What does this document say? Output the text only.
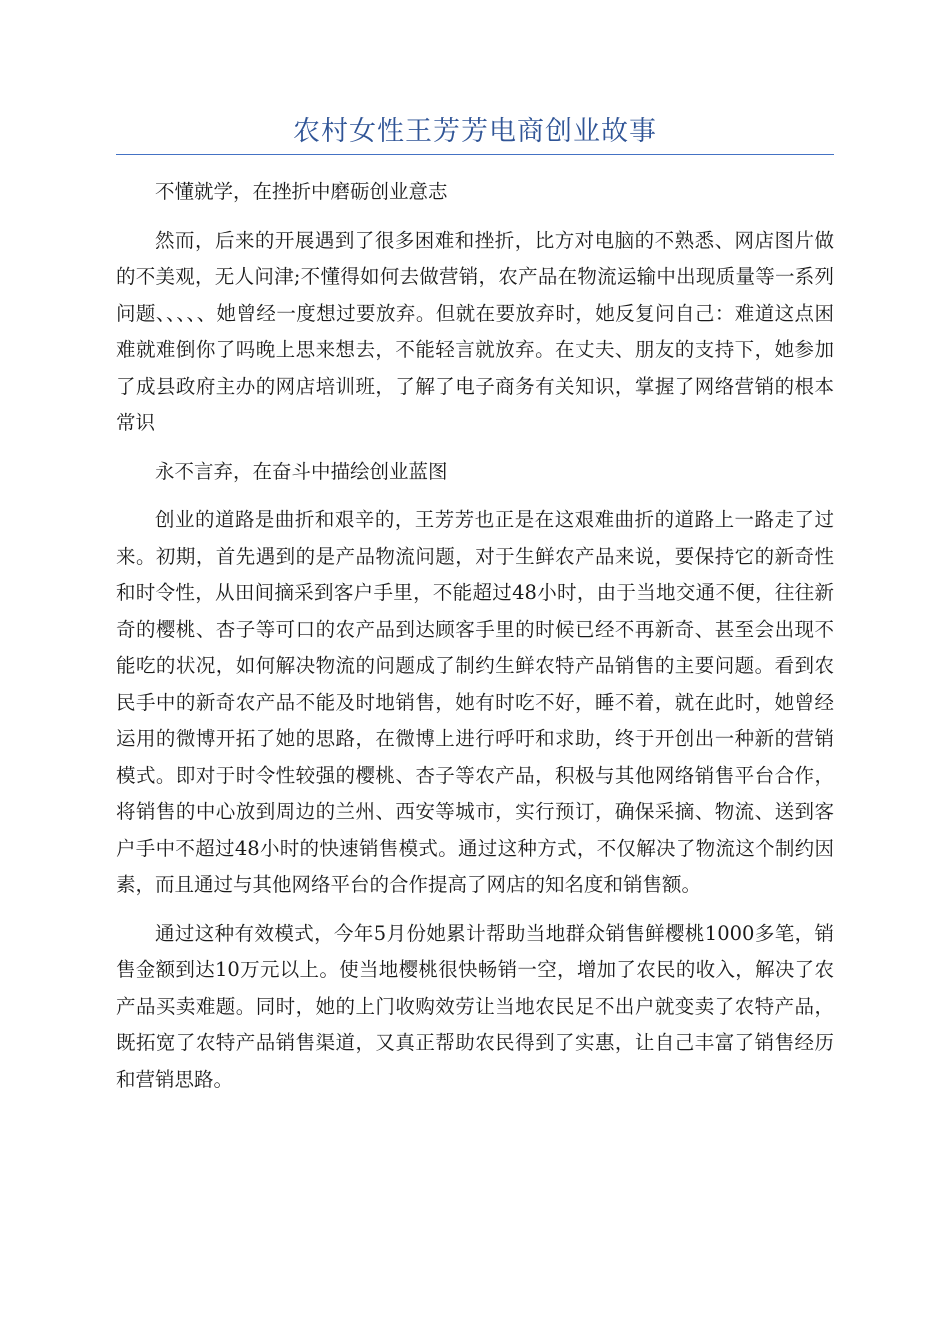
农村女性王芳芳电商创业故事

不懂就学，在挫折中磨砺创业意志

然而，后来的开展遇到了很多困难和挫折，比方对电脑的不熟悉、网店图片做的不美观，无人问津;不懂得如何去做营销，农产品在物流运输中出现质量等一系列问题、、、、、她曾经一度想过要放弃。但就在要放弃时，她反复问自己：难道这点困难就难倒你了吗晚上思来想去，不能轻言就放弃。在丈夫、朋友的支持下，她参加了成县政府主办的网店培训班，了解了电子商务有关知识，掌握了网络营销的根本常识

永不言弃，在奋斗中描绘创业蓝图

创业的道路是曲折和艰辛的，王芳芳也正是在这艰难曲折的道路上一路走了过来。初期，首先遇到的是产品物流问题，对于生鲜农产品来说，要保持它的新奇性和时令性，从田间摘采到客户手里，不能超过48小时，由于当地交通不便，往往新奇的樱桃、杏子等可口的农产品到达顾客手里的时候已经不再新奇、甚至会出现不能吃的状况，如何解决物流的问题成了制约生鲜农特产品销售的主要问题。看到农民手中的新奇农产品不能及时地销售，她有时吃不好，睡不着，就在此时，她曾经运用的微博开拓了她的思路，在微博上进行呼吁和求助，终于开创出一种新的营销模式。即对于时令性较强的樱桃、杏子等农产品，积极与其他网络销售平台合作，将销售的中心放到周边的兰州、西安等城市，实行预订，确保采摘、物流、送到客户手中不超过48小时的快速销售模式。通过这种方式，不仅解决了物流这个制约因素，而且通过与其他网络平台的合作提高了网店的知名度和销售额。

通过这种有效模式，今年5月份她累计帮助当地群众销售鲜樱桃1000多笔，销售金额到达10万元以上。使当地樱桃很快畅销一空，增加了农民的收入，解决了农产品买卖难题。同时，她的上门收购效劳让当地农民足不出户就变卖了农特产品，既拓宽了农特产品销售渠道，又真正帮助农民得到了实惠，让自己丰富了销售经历和营销思路。
